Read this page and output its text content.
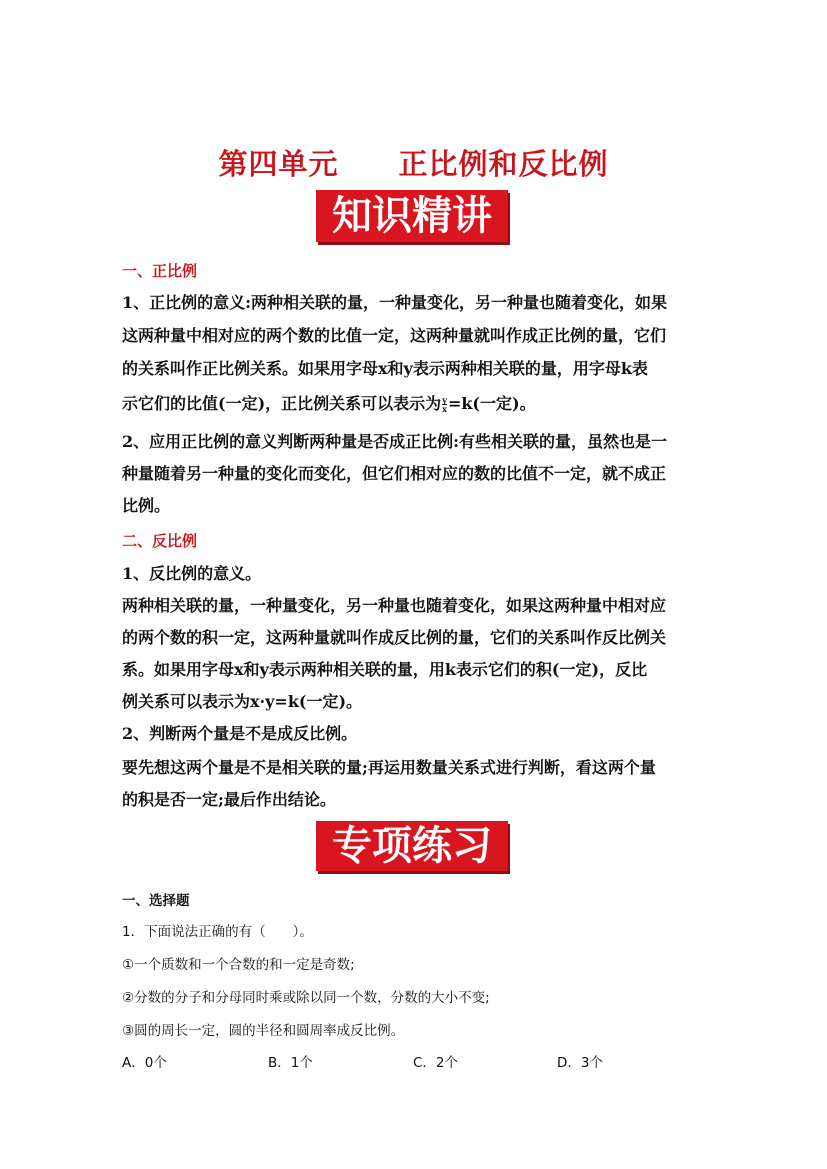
第四单元　　正比例和反比例
知识精讲
一、正比例
1、正比例的意义:两种相关联的量，一种量变化，另一种量也随着变化，如果
这两种量中相对应的两个数的比值一定，这两种量就叫作成正比例的量，它们
的关系叫作正比例关系。如果用字母x和y表示两种相关联的量，用字母k表
示它们的比值(一定)，正比例关系可以表示为 $\frac{y}{x} =k$(一定)。
2、应用正比例的意义判断两种量是否成正比例:有些相关联的量，虽然也是一
种量随着另一种量的变化而变化，但它们相对应的数的比值不一定，就不成正
比例。
二、反比例
1、反比例的意义。
两种相关联的量，一种量变化，另一种量也随着变化，如果这两种量中相对应
的两个数的积一定，这两种量就叫作成反比例的量，它们的关系叫作反比例关
系。如果用字母x和y表示两种相关联的量，用k表示它们的积(一定)，反比
例关系可以表示为x·y=k(一定)。
2、判断两个量是不是成反比例。
要先想这两个量是不是相关联的量;再运用数量关系式进行判断，看这两个量
的积是否一定;最后作出结论。
专项练习
一、选择题
1．下面说法正确的有（　　）。
①一个质数和一个合数的和一定是奇数;
②分数的分子和分母同时乘或除以同一个数，分数的大小不变;
③圆的周长一定，圆的半径和圆周率成反比例。
A．0个	B．1个	C．2个	D．3个
